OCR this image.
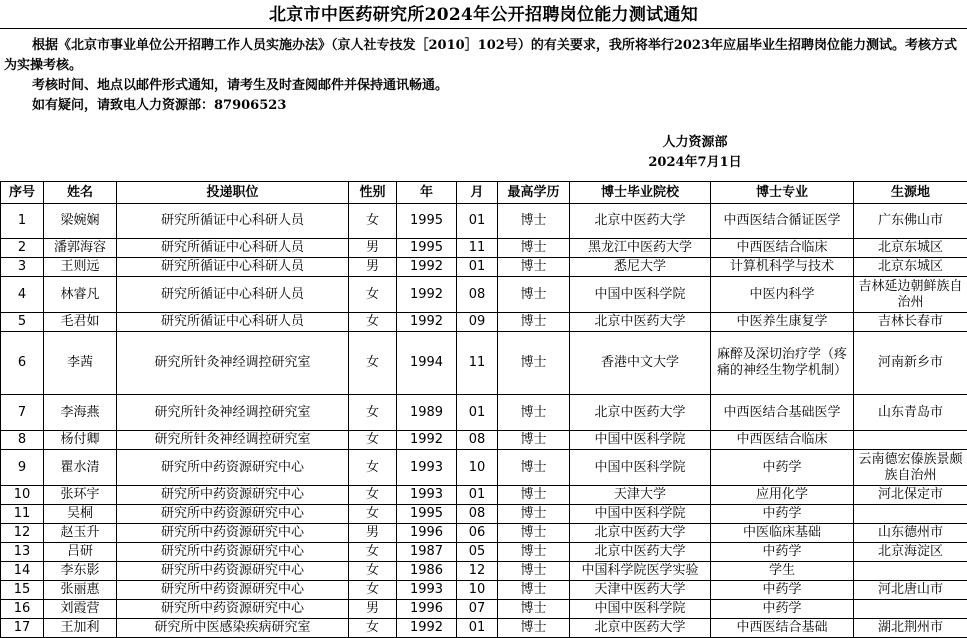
北京市中医药研究所2024年公开招聘岗位能力测试通知

根据《北京市事业单位公开招聘工作人员实施办法》（京人社专技发［2010］102号）的有关要求，我所将举行2023年应届毕业生招聘岗位能力测试。考核方式为实操考核。

考核时间、地点以邮件形式通知，请考生及时查阅邮件并保持通讯畅通。

如有疑问，请致电人力资源部：87906523

人力资源部
2024年7月1日
序号	姓名	投递职位	性别	年	月	最高学历	博士毕业院校	博士专业	生源地
1	梁婉娴	研究所循证中心科研人员	女	1995	01	博士	北京中医药大学	中西医结合循证医学	广东佛山市
2	潘郭海容	研究所循证中心科研人员	男	1995	11	博士	黑龙江中医药大学	中西医结合临床	北京东城区
3	王则远	研究所循证中心科研人员	男	1992	01	博士	悉尼大学	计算机科学与技术	北京东城区
4	林睿凡	研究所循证中心科研人员	女	1992	08	博士	中国中医科学院	中医内科学	吉林延边朝鲜族自治州
5	毛君如	研究所循证中心科研人员	女	1992	09	博士	北京中医药大学	中医养生康复学	吉林长春市
6	李茜	研究所针灸神经调控研究室	女	1994	11	博士	香港中文大学	麻醉及深切治疗学（疼痛的神经生物学机制）	河南新乡市
7	李海燕	研究所针灸神经调控研究室	女	1989	01	博士	北京中医药大学	中西医结合基础医学	山东青岛市
8	杨付卿	研究所针灸神经调控研究室	女	1992	08	博士	中国中医科学院	中西医结合临床	
9	瞿水清	研究所中药资源研究中心	女	1993	10	博士	中国中医科学院	中药学	云南德宏傣族景颇族自治州
10	张环宇	研究所中药资源研究中心	女	1993	01	博士	天津大学	应用化学	河北保定市
11	吴桐	研究所中药资源研究中心	女	1995	08	博士	中国中医科学院	中药学	
12	赵玉升	研究所中药资源研究中心	男	1996	06	博士	北京中医药大学	中医临床基础	山东德州市
13	吕研	研究所中药资源研究中心	女	1987	05	博士	北京中医药大学	中药学	北京海淀区
14	李东影	研究所中药资源研究中心	女	1986	12	博士	中国科学院医学实验	学生	
15	张丽惠	研究所中药资源研究中心	女	1993	10	博士	天津中医药大学	中药学	河北唐山市
16	刘霞营	研究所中药资源研究中心	男	1996	07	博士	中国中医科学院	中药学	
17	王加利	研究所中医感染疾病研究室	女	1992	01	博士	北京中医药大学	中西医结合基础	湖北荆州市
